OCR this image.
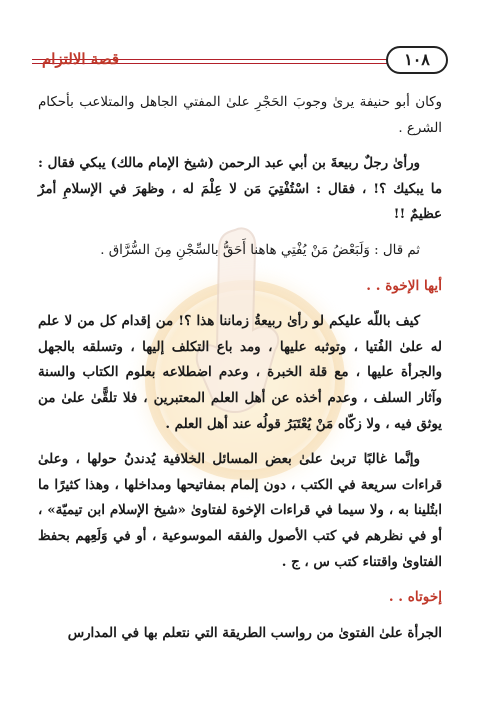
١٠٨
قصة الالتزام

وكان أبو حنيفة يرىٰ وجوبَ الحَجْرِ علىٰ المفتي الجاهل والمتلاعب بأحكام الشرع .

ورأىٰ رجلٌ ربيعةَ بن أبي عبد الرحمن (شيخ الإمام مالك) يبكي فقال : ما يبكيك ؟! ، فقال : اسْتُفْتِيَ مَن لا عِلْمَ له ، وظهرَ في الإسلامِ أمرٌ عظيمٌ !!

ثم قال : وَلَبَعْضُ مَنْ يُفْتِي هاهنا أَحَقُّ بالسِّجْنِ مِنَ السُّرَّاق .

أيها الإخوة . .

كيف باللّه عليكم لو رأىٰ ربيعةُ زماننا هذا ؟! من إقدام كل من لا علم له علىٰ الفُتيا ، وتوثبه عليها ، ومد باع التكلف إليها ، وتسلقه بالجهل والجرأة عليها ، مع قلة الخبرة ، وعدم اضطلاعه بعلوم الكتاب والسنة وآثار السلف ، وعدم أخذه عن أهل العلم المعتبرين ، فلا تلقًّىٰ علىٰ من يوثق فيه ، ولا زكّاه مَنْ يُعْتَبَرُ قولُه عند أهل العلم .

وإنَّما غالبًا تربىٰ علىٰ بعض المسائل الخلافية يُدندنُ حولها ، وعلىٰ قراءات سريعة في الكتب ، دون إلمام بمفاتيحها ومداخلها ، وهذا كثيرًا ما ابتُلينا به ، ولا سيما في قراءات الإخوة لفتاوىٰ «شيخ الإسلام ابن تيميّة» ، أو في نظرهم في كتب الأصول والفقه الموسوعية ، أو في وَلَعِهم بحفظ الفتاوىٰ واقتناء كتب س ، ج .

إخوتاه . .

الجرأة علىٰ الفتوىٰ من رواسب الطريقة التي نتعلم بها في المدارس
